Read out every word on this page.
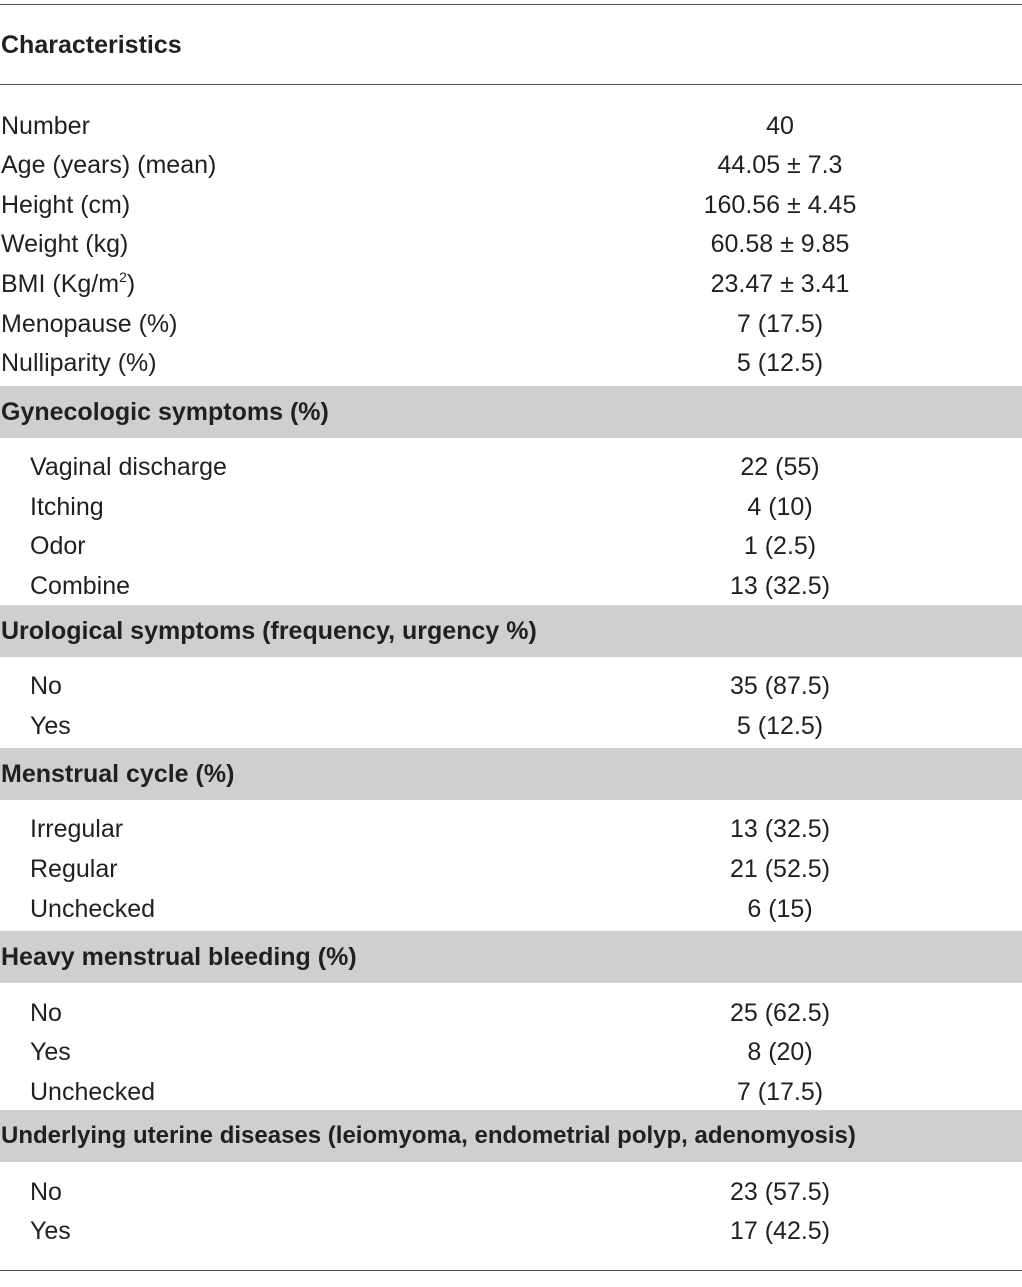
Characteristics
Number	40
Age (years) (mean)	44.05 ± 7.3
Height (cm)	160.56 ± 4.45
Weight (kg)	60.58 ± 9.85
BMI $(Kg/m^2)$	23.47 ± 3.41
Menopause (%)	7 (17.5)
Nulliparity (%)	5 (12.5)
Gynecologic symptoms (%)
Vaginal discharge	22 (55)
Itching	4 (10)
Odor	1 (2.5)
Combine	13 (32.5)
Urological symptoms (frequency, urgency %)
No	35 (87.5)
Yes	5 (12.5)
Menstrual cycle (%)
Irregular	13 (32.5)
Regular	21 (52.5)
Unchecked	6 (15)
Heavy menstrual bleeding (%)
No	25 (62.5)
Yes	8 (20)
Unchecked	7 (17.5)
Underlying uterine diseases (leiomyoma, endometrial polyp, adenomyosis)
No	23 (57.5)
Yes	17 (42.5)
